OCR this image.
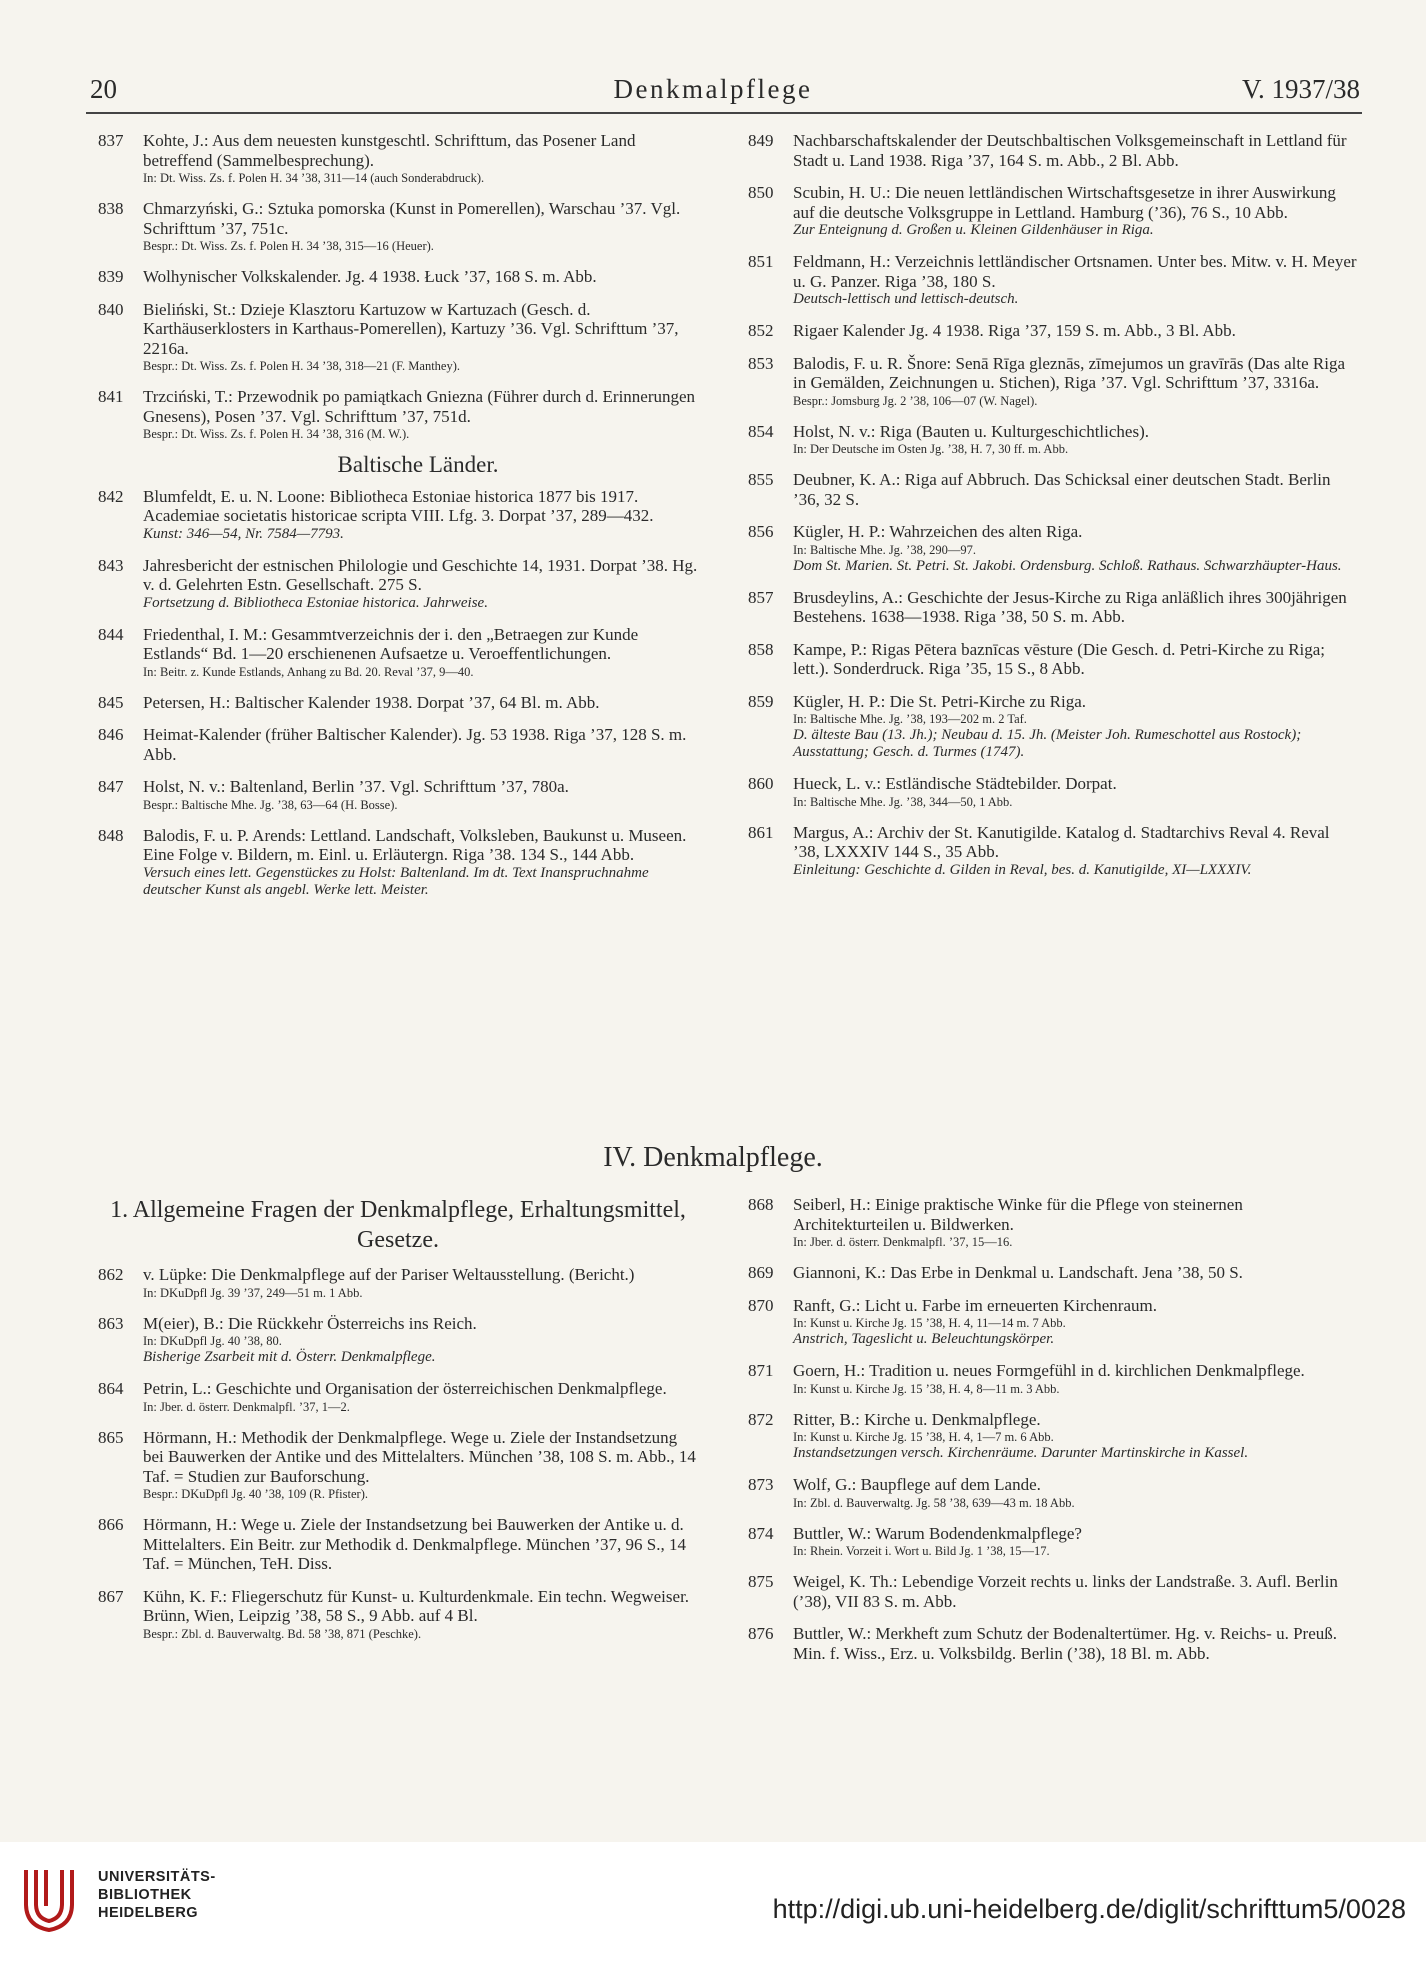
20	Denkmalpflege	V. 1937/38
837 Kohte, J.: Aus dem neuesten kunstgeschtl. Schrifttum, das Posener Land betreffend (Sammelbesprechung).
In: Dt. Wiss. Zs. f. Polen H. 34 ’38, 311—14 (auch Sonderabdruck).
838 Chmarzyński, G.: Sztuka pomorska (Kunst in Pomerellen), Warschau ’37. Vgl. Schrifttum ’37, 751c.
Bespr.: Dt. Wiss. Zs. f. Polen H. 34 ’38, 315—16 (Heuer).
839 Wolhynischer Volkskalender. Jg. 4 1938. Łuck ’37, 168 S. m. Abb.
840 Bieliński, St.: Dzieje Klasztoru Kartuzow w Kartuzach (Gesch. d. Karthäuserklosters in Karthaus-Pomerellen), Kartuzy ’36. Vgl. Schrifttum ’37, 2216a.
Bespr.: Dt. Wiss. Zs. f. Polen H. 34 ’38, 318—21 (F. Manthey).
841 Trzciński, T.: Przewodnik po pamiątkach Gniezna (Führer durch d. Erinnerungen Gnesens), Posen ’37. Vgl. Schrifttum ’37, 751d.
Bespr.: Dt. Wiss. Zs. f. Polen H. 34 ’38, 316 (M. W.).
Baltische Länder.
842 Blumfeldt, E. u. N. Loone: Bibliotheca Estoniae historica 1877 bis 1917. Academiae societatis historicae scripta VIII. Lfg. 3. Dorpat ’37, 289—432.
Kunst: 346—54, Nr. 7584—7793.
843 Jahresbericht der estnischen Philologie und Geschichte 14, 1931. Dorpat ’38. Hg. v. d. Gelehrten Estn. Gesellschaft. 275 S.
Fortsetzung d. Bibliotheca Estoniae historica. Jahrweise.
844 Friedenthal, I. M.: Gesammtverzeichnis der i. den „Betraegen zur Kunde Estlands“ Bd. 1—20 erschienenen Aufsaetze u. Veroeffentlichungen.
In: Beitr. z. Kunde Estlands, Anhang zu Bd. 20. Reval ’37, 9—40.
845 Petersen, H.: Baltischer Kalender 1938. Dorpat ’37, 64 Bl. m. Abb.
846 Heimat-Kalender (früher Baltischer Kalender). Jg. 53 1938. Riga ’37, 128 S. m. Abb.
847 Holst, N. v.: Baltenland, Berlin ’37. Vgl. Schrifttum ’37, 780a.
Bespr.: Baltische Mhe. Jg. ’38, 63—64 (H. Bosse).
848 Balodis, F. u. P. Arends: Lettland. Landschaft, Volksleben, Baukunst u. Museen. Eine Folge v. Bildern, m. Einl. u. Erläutergn. Riga ’38. 134 S., 144 Abb.
Versuch eines lett. Gegenstückes zu Holst: Baltenland. Im dt. Text Inanspruchnahme deutscher Kunst als angebl. Werke lett. Meister.
849 Nachbarschaftskalender der Deutschbaltischen Volksgemeinschaft in Lettland für Stadt u. Land 1938. Riga ’37, 164 S. m. Abb., 2 Bl. Abb.
850 Scubin, H. U.: Die neuen lettländischen Wirtschaftsgesetze in ihrer Auswirkung auf die deutsche Volksgruppe in Lettland. Hamburg (’36), 76 S., 10 Abb.
Zur Enteignung d. Großen u. Kleinen Gildenhäuser in Riga.
851 Feldmann, H.: Verzeichnis lettländischer Ortsnamen. Unter bes. Mitw. v. H. Meyer u. G. Panzer. Riga ’38, 180 S.
Deutsch-lettisch und lettisch-deutsch.
852 Rigaer Kalender Jg. 4 1938. Riga ’37, 159 S. m. Abb., 3 Bl. Abb.
853 Balodis, F. u. R. Šnore: Senā Rīga gleznās, zīmejumos un gravīrās (Das alte Riga in Gemälden, Zeichnungen u. Stichen), Riga ’37. Vgl. Schrifttum ’37, 3316a.
Bespr.: Jomsburg Jg. 2 ’38, 106—07 (W. Nagel).
854 Holst, N. v.: Riga (Bauten u. Kulturgeschichtliches).
In: Der Deutsche im Osten Jg. ’38, H. 7, 30 ff. m. Abb.
855 Deubner, K. A.: Riga auf Abbruch. Das Schicksal einer deutschen Stadt. Berlin ’36, 32 S.
856 Kügler, H. P.: Wahrzeichen des alten Riga.
In: Baltische Mhe. Jg. ’38, 290—97.
Dom St. Marien. St. Petri. St. Jakobi. Ordensburg. Schloß. Rathaus. Schwarzhäupter-Haus.
857 Brusdeylins, A.: Geschichte der Jesus-Kirche zu Riga anläßlich ihres 300jährigen Bestehens. 1638—1938. Riga ’38, 50 S. m. Abb.
858 Kampe, P.: Rigas Pētera baznīcas vēsture (Die Gesch. d. Petri-Kirche zu Riga; lett.). Sonderdruck. Riga ’35, 15 S., 8 Abb.
859 Kügler, H. P.: Die St. Petri-Kirche zu Riga.
In: Baltische Mhe. Jg. ’38, 193—202 m. 2 Taf.
D. älteste Bau (13. Jh.); Neubau d. 15. Jh. (Meister Joh. Rumeschottel aus Rostock); Ausstattung; Gesch. d. Turmes (1747).
860 Hueck, L. v.: Estländische Städtebilder. Dorpat.
In: Baltische Mhe. Jg. ’38, 344—50, 1 Abb.
861 Margus, A.: Archiv der St. Kanutigilde. Katalog d. Stadtarchivs Reval 4. Reval ’38, LXXXIV 144 S., 35 Abb.
Einleitung: Geschichte d. Gilden in Reval, bes. d. Kanutigilde, XI—LXXXIV.
IV. Denkmalpflege.
1. Allgemeine Fragen der Denkmalpflege, Erhaltungsmittel, Gesetze.
862 v. Lüpke: Die Denkmalpflege auf der Pariser Weltausstellung. (Bericht.)
In: DKuDpfl Jg. 39 ’37, 249—51 m. 1 Abb.
863 M(eier), B.: Die Rückkehr Österreichs ins Reich.
In: DKuDpfl Jg. 40 ’38, 80.
Bisherige Zsarbeit mit d. Österr. Denkmalpflege.
864 Petrin, L.: Geschichte und Organisation der österreichischen Denkmalpflege.
In: Jber. d. österr. Denkmalpfl. ’37, 1—2.
865 Hörmann, H.: Methodik der Denkmalpflege. Wege u. Ziele der Instandsetzung bei Bauwerken der Antike und des Mittelalters. München ’38, 108 S. m. Abb., 14 Taf. = Studien zur Bauforschung.
Bespr.: DKuDpfl Jg. 40 ’38, 109 (R. Pfister).
866 Hörmann, H.: Wege u. Ziele der Instandsetzung bei Bauwerken der Antike u. d. Mittelalters. Ein Beitr. zur Methodik d. Denkmalpflege. München ’37, 96 S., 14 Taf. = München, TeH. Diss.
867 Kühn, K. F.: Fliegerschutz für Kunst- u. Kulturdenkmale. Ein techn. Wegweiser. Brünn, Wien, Leipzig ’38, 58 S., 9 Abb. auf 4 Bl.
Bespr.: Zbl. d. Bauverwaltg. Bd. 58 ’38, 871 (Peschke).
868 Seiberl, H.: Einige praktische Winke für die Pflege von steinernen Architekturteilen u. Bildwerken.
In: Jber. d. österr. Denkmalpfl. ’37, 15—16.
869 Giannoni, K.: Das Erbe in Denkmal u. Landschaft. Jena ’38, 50 S.
870 Ranft, G.: Licht u. Farbe im erneuerten Kirchenraum.
In: Kunst u. Kirche Jg. 15 ’38, H. 4, 11—14 m. 7 Abb.
Anstrich, Tageslicht u. Beleuchtungskörper.
871 Goern, H.: Tradition u. neues Formgefühl in d. kirchlichen Denkmalpflege.
In: Kunst u. Kirche Jg. 15 ’38, H. 4, 8—11 m. 3 Abb.
872 Ritter, B.: Kirche u. Denkmalpflege.
In: Kunst u. Kirche Jg. 15 ’38, H. 4, 1—7 m. 6 Abb.
Instandsetzungen versch. Kirchenräume. Darunter Martinskirche in Kassel.
873 Wolf, G.: Baupflege auf dem Lande.
In: Zbl. d. Bauverwaltg. Jg. 58 ’38, 639—43 m. 18 Abb.
874 Buttler, W.: Warum Bodendenkmalpflege?
In: Rhein. Vorzeit i. Wort u. Bild Jg. 1 ’38, 15—17.
875 Weigel, K. Th.: Lebendige Vorzeit rechts u. links der Landstraße. 3. Aufl. Berlin (’38), VII 83 S. m. Abb.
876 Buttler, W.: Merkheft zum Schutz der Bodenaltertümer. Hg. v. Reichs- u. Preuß. Min. f. Wiss., Erz. u. Volksbildg. Berlin (’38), 18 Bl. m. Abb.
UNIVERSITÄTS-
BIBLIOTHEK
HEIDELBERG	http://digi.ub.uni-heidelberg.de/diglit/schrifttum5/0028
